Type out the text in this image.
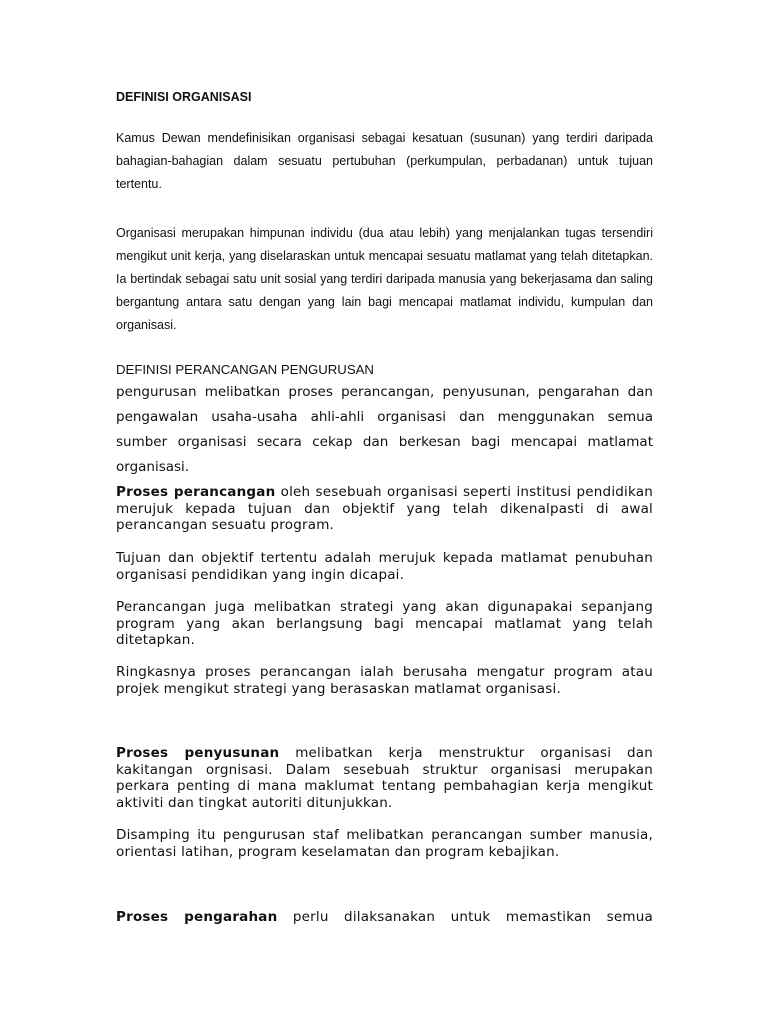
DEFINISI ORGANISASI

Kamus Dewan mendefinisikan organisasi sebagai kesatuan (susunan) yang terdiri daripada bahagian-bahagian dalam sesuatu pertubuhan (perkumpulan, perbadanan) untuk tujuan tertentu.

Organisasi merupakan himpunan individu (dua atau lebih) yang menjalankan tugas tersendiri mengikut unit kerja, yang diselaraskan untuk mencapai sesuatu matlamat yang telah ditetapkan. Ia bertindak sebagai satu unit sosial yang terdiri daripada manusia yang bekerjasama dan saling bergantung antara satu dengan yang lain bagi mencapai matlamat individu, kumpulan dan organisasi.

DEFINISI PERANCANGAN PENGURUSAN

pengurusan melibatkan proses perancangan, penyusunan, pengarahan dan pengawalan usaha-usaha ahli-ahli organisasi dan menggunakan semua sumber organisasi secara cekap dan berkesan bagi mencapai matlamat organisasi.

Proses perancangan oleh sesebuah organisasi seperti institusi pendidikan merujuk kepada tujuan dan objektif yang telah dikenalpasti di awal perancangan sesuatu program.

Tujuan dan objektif tertentu adalah merujuk kepada matlamat penubuhan organisasi pendidikan yang ingin dicapai.

Perancangan juga melibatkan strategi yang akan digunapakai sepanjang program yang akan berlangsung bagi mencapai matlamat yang telah ditetapkan.

Ringkasnya proses perancangan ialah berusaha mengatur program atau projek mengikut strategi yang berasaskan matlamat organisasi.

Proses penyusunan melibatkan kerja menstruktur organisasi dan kakitangan orgnisasi. Dalam sesebuah struktur organisasi merupakan perkara penting di mana maklumat tentang pembahagian kerja mengikut aktiviti dan tingkat autoriti ditunjukkan.

Disamping itu pengurusan staf melibatkan perancangan sumber manusia, orientasi latihan, program keselamatan dan program kebajikan.

Proses pengarahan perlu dilaksanakan untuk memastikan semua
